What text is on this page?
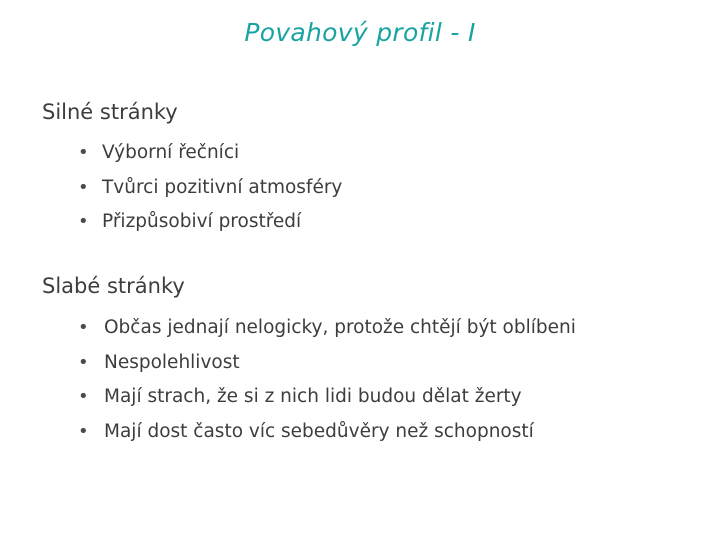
Povahový profil - I
Silné stránky
• Výborní řečníci
• Tvůrci pozitivní atmosféry
• Přizpůsobiví prostředí
Slabé stránky
• Občas jednají nelogicky, protože chtějí být oblíbeni
• Nespolehlivost
• Mají strach, že si z nich lidi budou dělat žerty
• Mají dost často víc sebedůvěry než schopností
